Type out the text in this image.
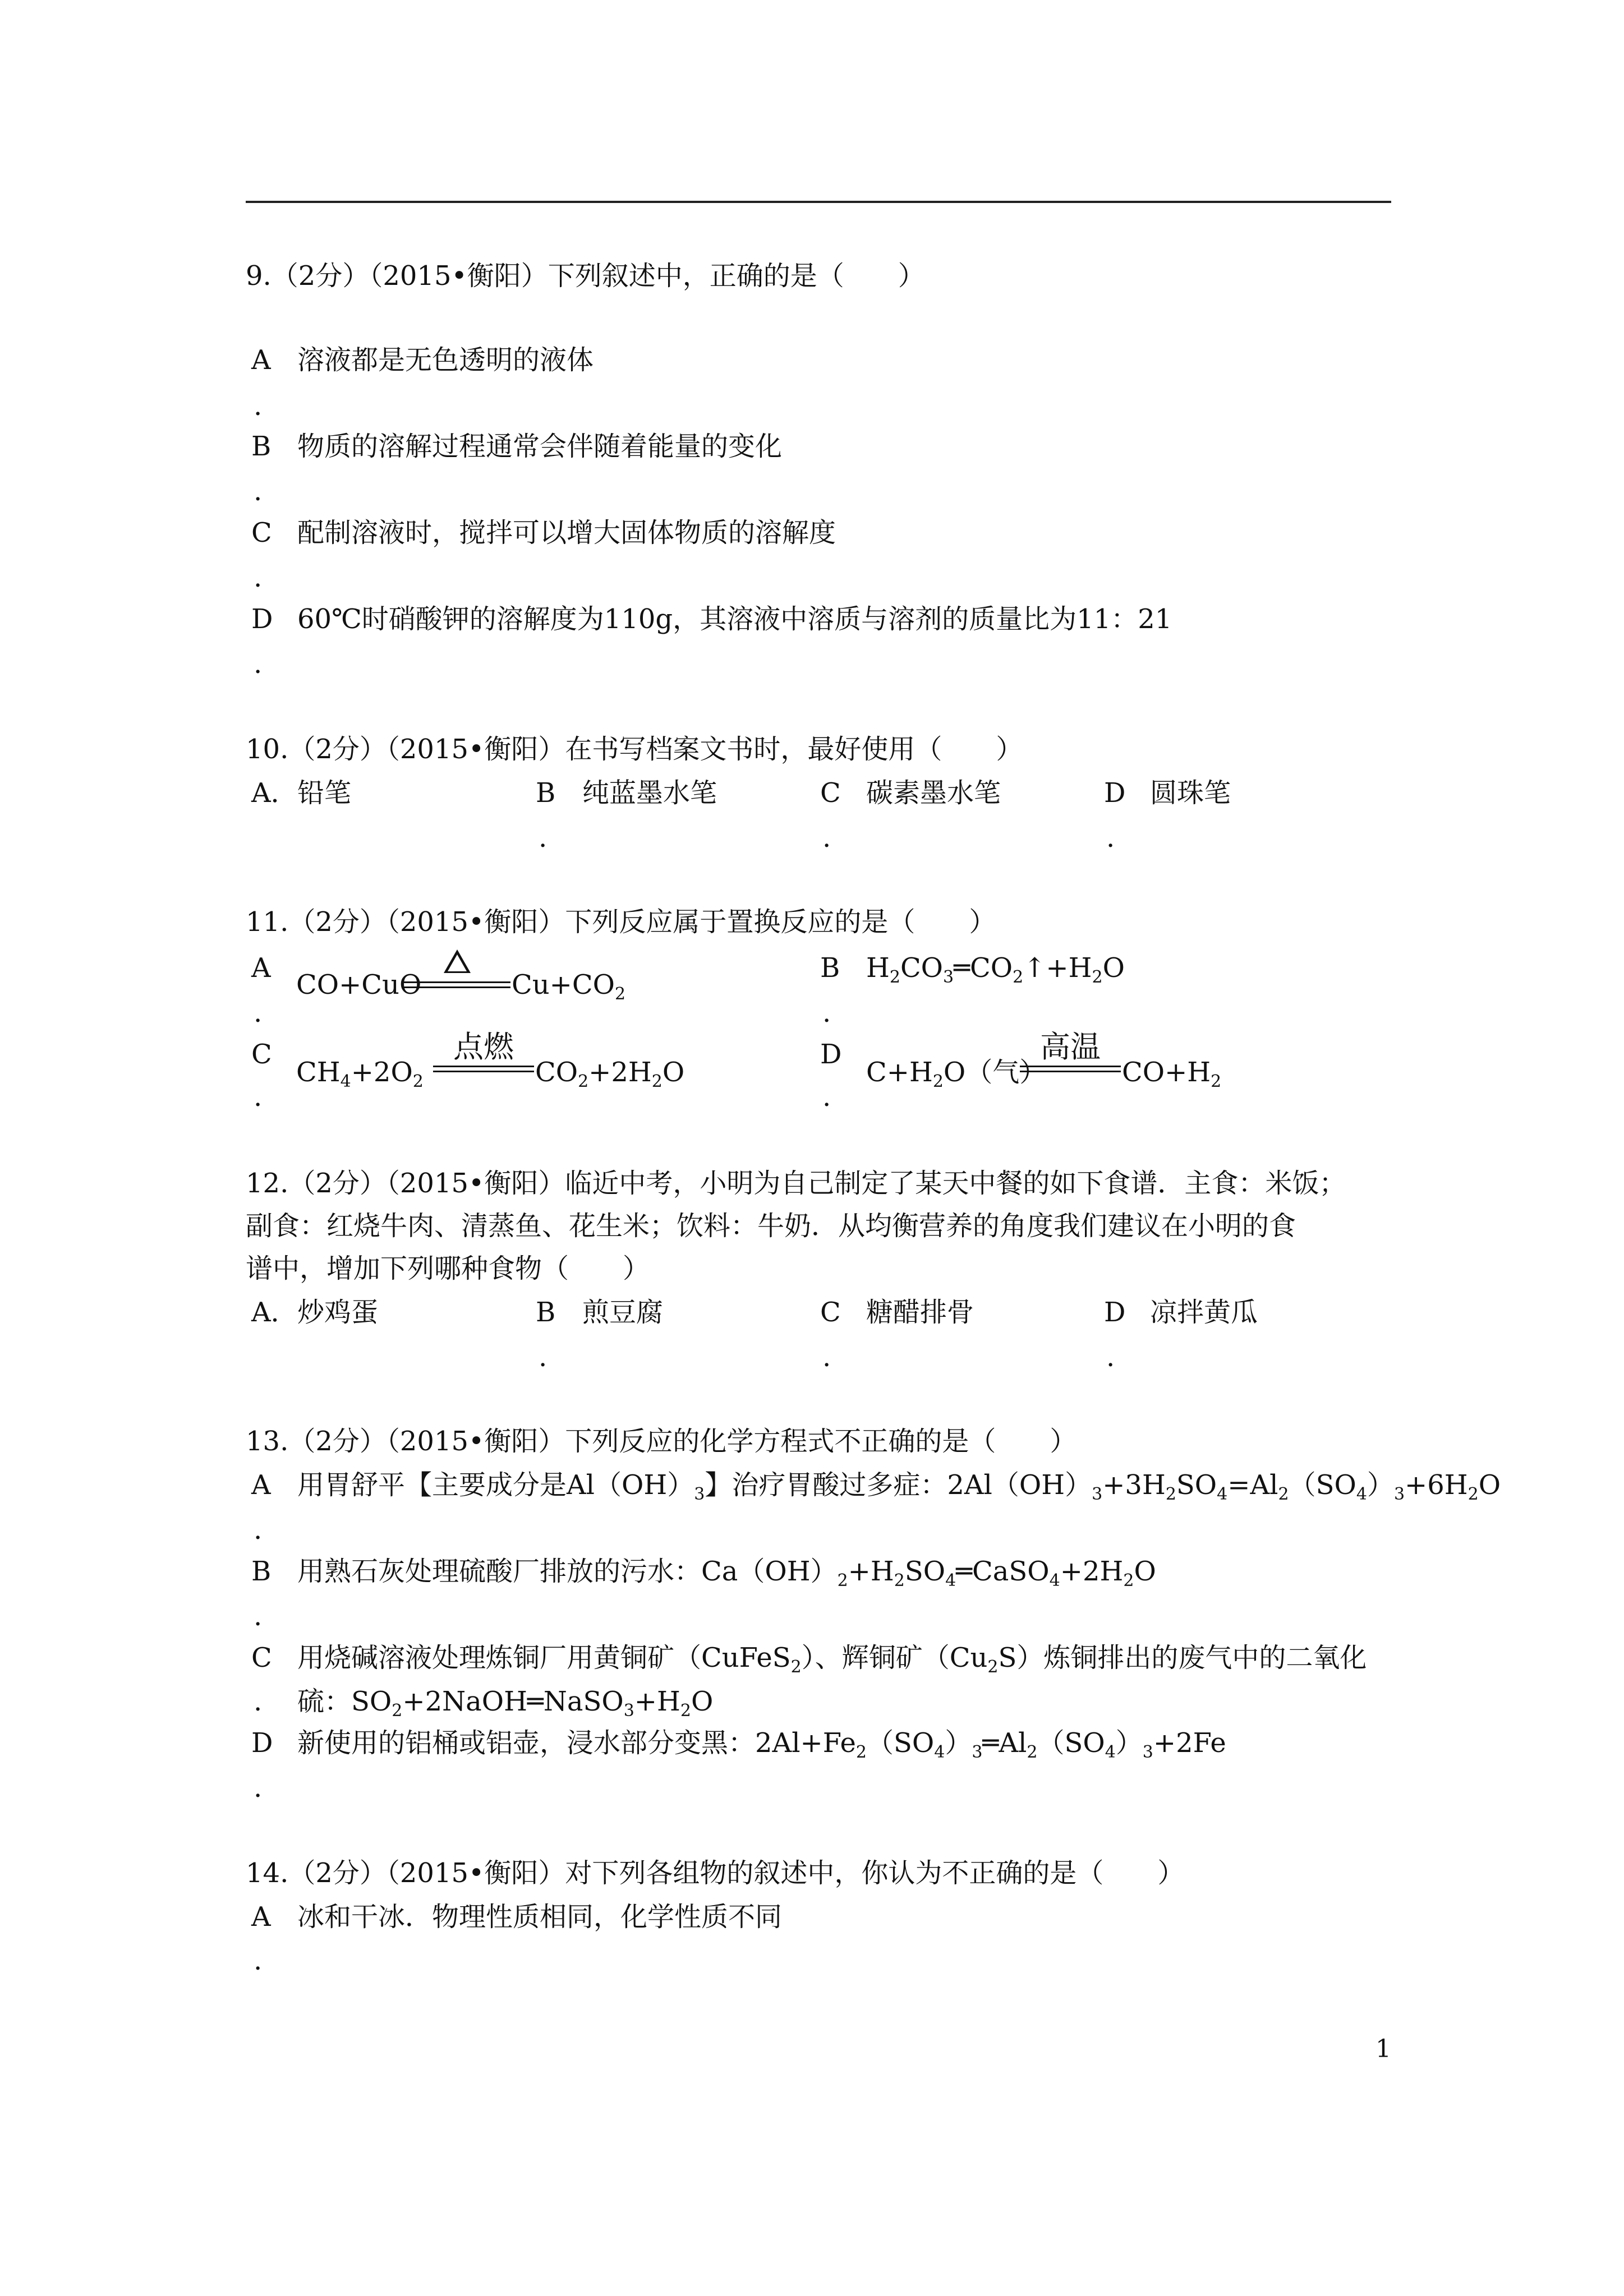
9.（2分）（2015•衡阳）下列叙述中，正确的是（　　）
A 溶液都是无色透明的液体
.
B 物质的溶解过程通常会伴随着能量的变化
.
C 配制溶液时，搅拌可以增大固体物质的溶解度
.
D 60℃时硝酸钾的溶解度为110g，其溶液中溶质与溶剂的质量比为11：21
.
10.（2分）（2015•衡阳）在书写档案文书时，最好使用（　　）
A． 铅笔	B 纯蓝墨水笔
.
C 碳素墨水笔
.
D 圆珠笔
.
11.（2分）（2015•衡阳）下列反应属于置换反应的是（　　）
A
.
CO+CuO	$Cu+CO_2$
B
.
$H_2CO_3═CO_2↑+H_2O$
C
.
$CH_4+2O_2$
点燃
$CO_2+2H_2O$
D
.
$C+H_2O$（气）
高温
$CO+H_2$
12.（2分）（2015•衡阳）临近中考，小明为自己制定了某天中餐的如下食谱．主食：米饭；
副食：红烧牛肉、清蒸鱼、花生米；饮料：牛奶．从均衡营养的角度我们建议在小明的食
谱中，增加下列哪种食物（　　）
A． 炒鸡蛋	B 煎豆腐
.
C 糖醋排骨
.
D 凉拌黄瓜
.
13.（2分）（2015•衡阳）下列反应的化学方程式不正确的是（　　）
A
.
用胃舒平【主要成分是$Al(OH)_3$】治疗胃酸过多症：$2Al(OH)_3+3H_2SO_4=Al_2(SO_4)_3+6H_2O$
B
.
用熟石灰处理硫酸厂排放的污水：$Ca(OH)_2+H_2SO_4═CaSO_4+2H_2O$
C 用烧碱溶液处理炼铜厂用黄铜矿（CuFeS$_2$）、辉铜矿$(Cu_2S)$炼铜排出的废气中的二氧化
. 硫：$SO_2+2NaOH═NaSO_3+H_2O$
D
.
新使用的铝桶或铝壶，浸水部分变黑：$2Al+Fe_2(SO_4)_3═Al_2(SO_4)_3+2Fe$
14.（2分）（2015•衡阳）对下列各组物的叙述中，你认为不正确的是（　　）
A 冰和干冰．物理性质相同，化学性质不同
.
1
